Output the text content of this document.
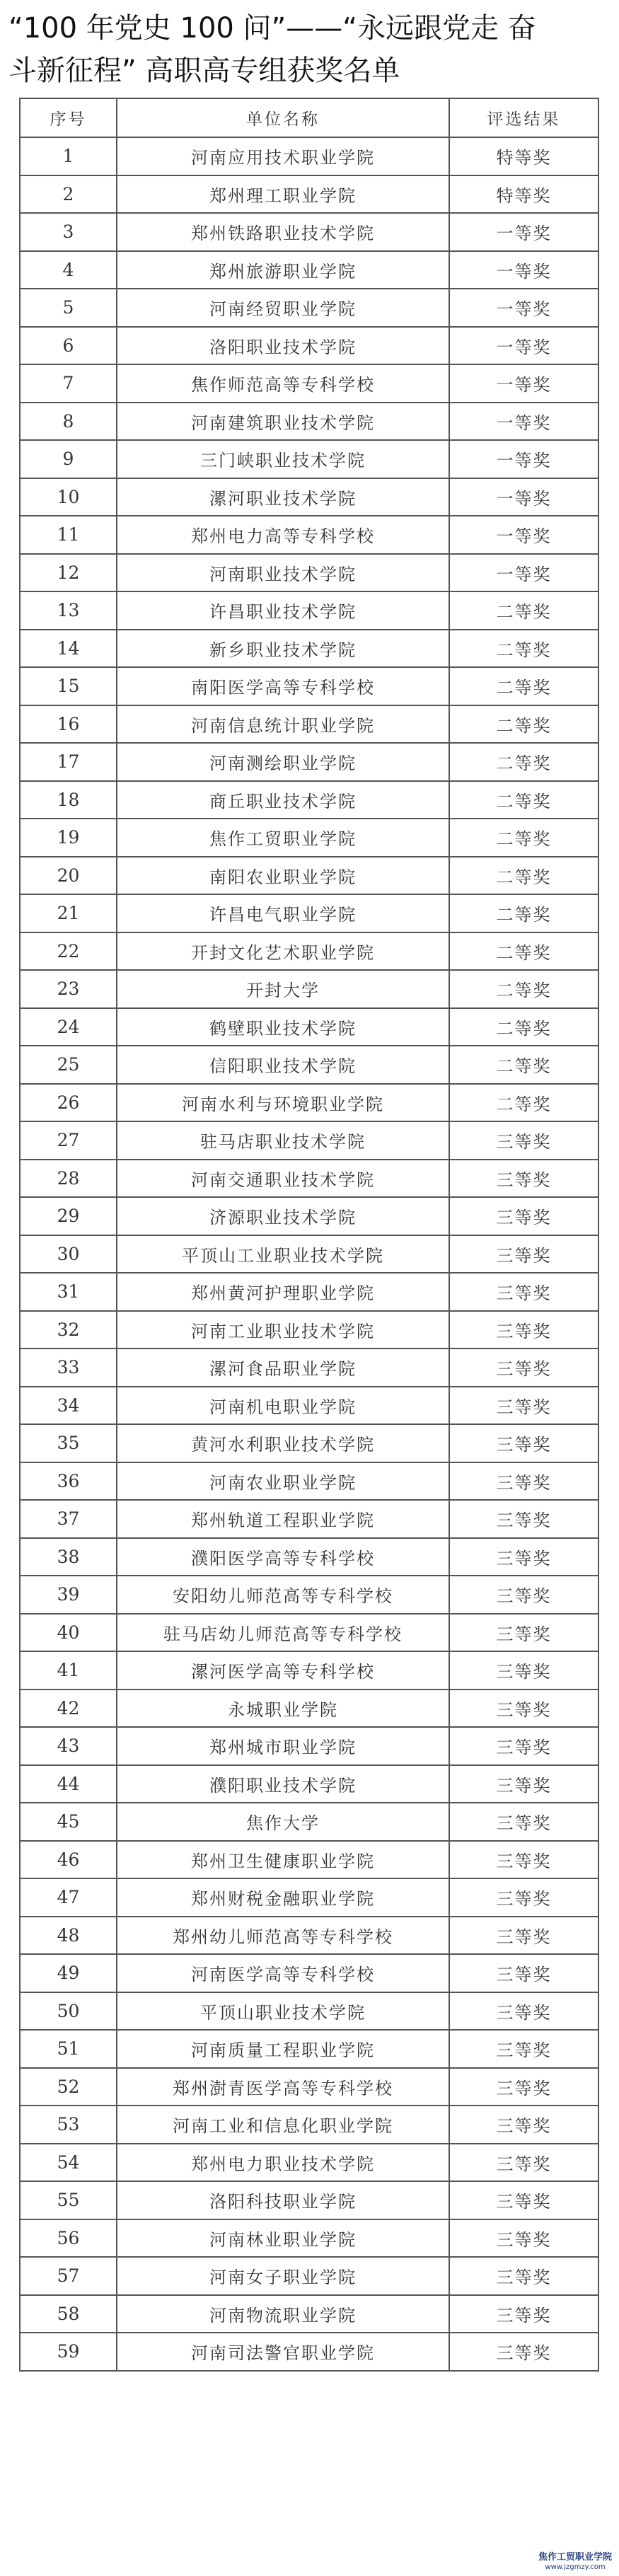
“100 年党史 100 问”——“永远跟党走 奋
斗新征程” 高职高专组获奖名单
序号	单位名称	评选结果
1	河南应用技术职业学院	特等奖
2	郑州理工职业学院	特等奖
3	郑州铁路职业技术学院	一等奖
4	郑州旅游职业学院	一等奖
5	河南经贸职业学院	一等奖
6	洛阳职业技术学院	一等奖
7	焦作师范高等专科学校	一等奖
8	河南建筑职业技术学院	一等奖
9	三门峡职业技术学院	一等奖
10	漯河职业技术学院	一等奖
11	郑州电力高等专科学校	一等奖
12	河南职业技术学院	一等奖
13	许昌职业技术学院	二等奖
14	新乡职业技术学院	二等奖
15	南阳医学高等专科学校	二等奖
16	河南信息统计职业学院	二等奖
17	河南测绘职业学院	二等奖
18	商丘职业技术学院	二等奖
19	焦作工贸职业学院	二等奖
20	南阳农业职业学院	二等奖
21	许昌电气职业学院	二等奖
22	开封文化艺术职业学院	二等奖
23	开封大学	二等奖
24	鹤壁职业技术学院	二等奖
25	信阳职业技术学院	二等奖
26	河南水利与环境职业学院	二等奖
27	驻马店职业技术学院	三等奖
28	河南交通职业技术学院	三等奖
29	济源职业技术学院	三等奖
30	平顶山工业职业技术学院	三等奖
31	郑州黄河护理职业学院	三等奖
32	河南工业职业技术学院	三等奖
33	漯河食品职业学院	三等奖
34	河南机电职业学院	三等奖
35	黄河水利职业技术学院	三等奖
36	河南农业职业学院	三等奖
37	郑州轨道工程职业学院	三等奖
38	濮阳医学高等专科学校	三等奖
39	安阳幼儿师范高等专科学校	三等奖
40	驻马店幼儿师范高等专科学校	三等奖
41	漯河医学高等专科学校	三等奖
42	永城职业学院	三等奖
43	郑州城市职业学院	三等奖
44	濮阳职业技术学院	三等奖
45	焦作大学	三等奖
46	郑州卫生健康职业学院	三等奖
47	郑州财税金融职业学院	三等奖
48	郑州幼儿师范高等专科学校	三等奖
49	河南医学高等专科学校	三等奖
50	平顶山职业技术学院	三等奖
51	河南质量工程职业学院	三等奖
52	郑州澍青医学高等专科学校	三等奖
53	河南工业和信息化职业学院	三等奖
54	郑州电力职业技术学院	三等奖
55	洛阳科技职业学院	三等奖
56	河南林业职业学院	三等奖
57	河南女子职业学院	三等奖
58	河南物流职业学院	三等奖
59	河南司法警官职业学院	三等奖
焦作工贸职业学院
www.jzgmzy.com
